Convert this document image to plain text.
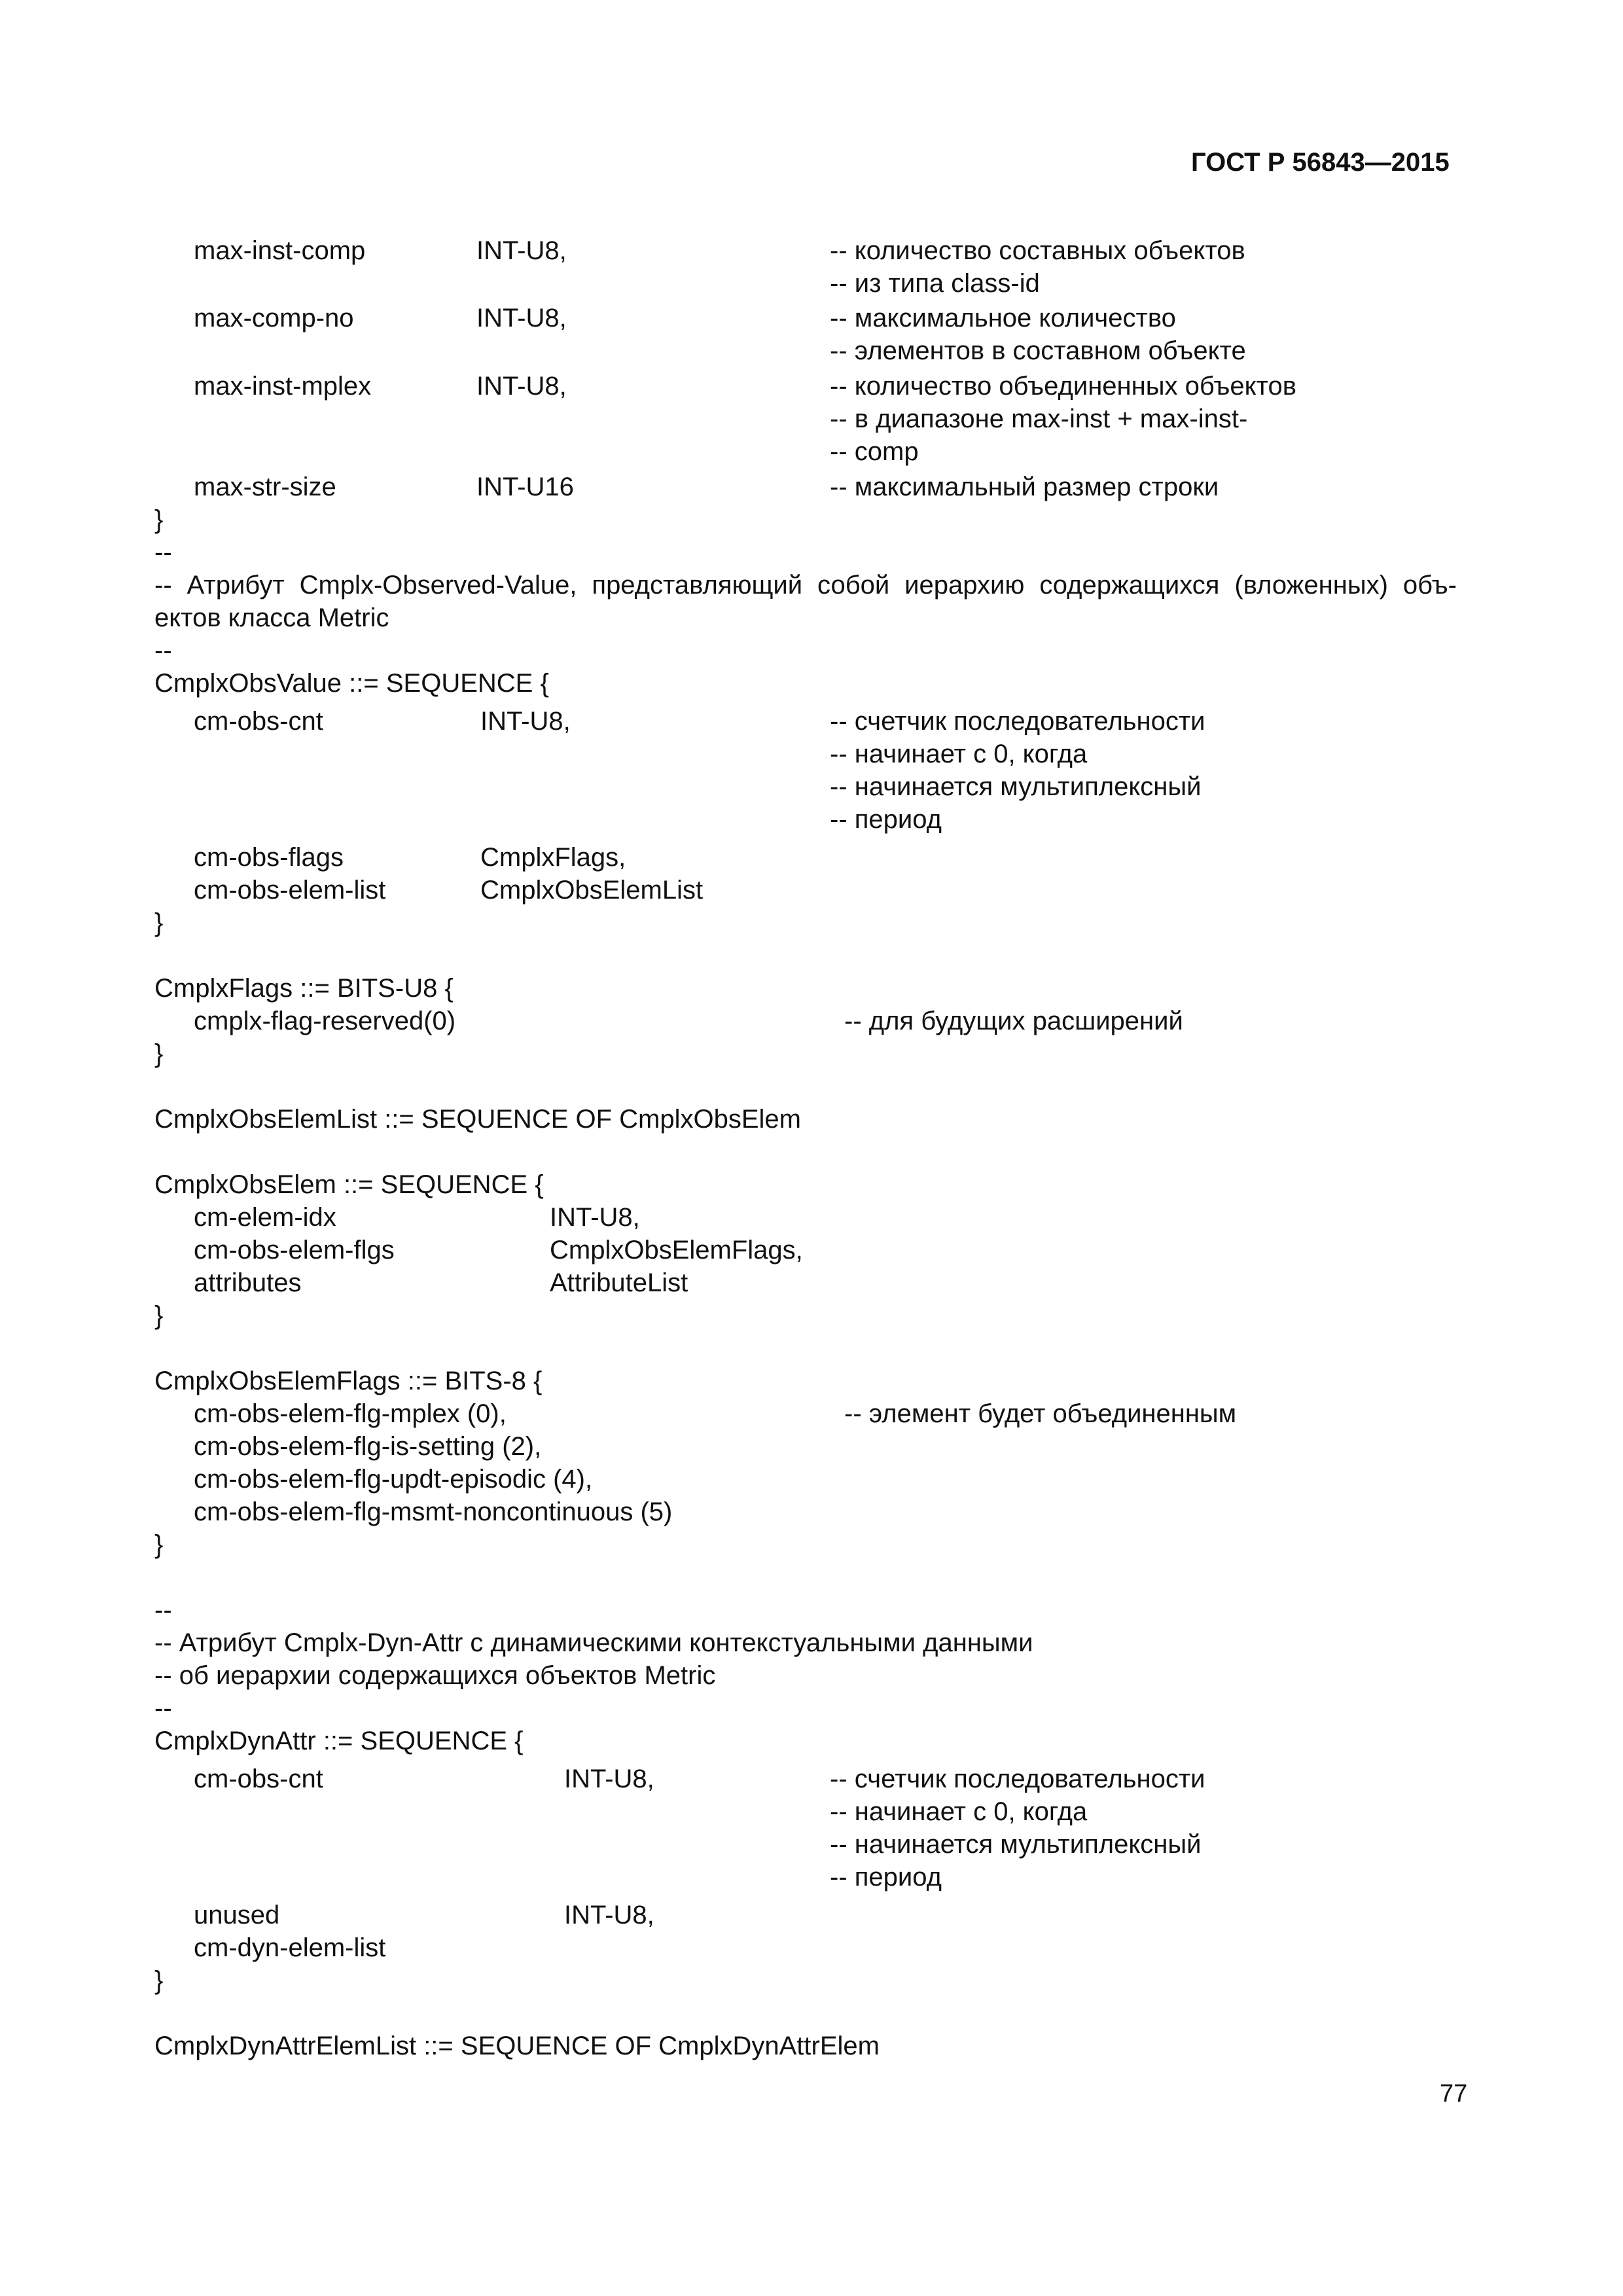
ГОСТ Р 56843—2015
max-inst-comp	INT-U8,	-- количество составных объектов
-- из типа class-id
max-comp-no	INT-U8,	-- максимальное количество
-- элементов в составном объекте
max-inst-mplex	INT-U8,	-- количество объединенных объектов
-- в диапазоне max-inst + max-inst-
-- comp
max-str-size	INT-U16	-- максимальный размер строки
}
--
-- Атрибут Cmplx-Observed-Value, представляющий собой иерархию содержащихся (вложенных) объ-
ектов класса Metric
--
CmplxObsValue ::= SEQUENCE {
cm-obs-cnt	INT-U8,	-- счетчик последовательности
-- начинает с 0, когда
-- начинается мультиплексный
-- период
cm-obs-flags	CmplxFlags,
cm-obs-elem-list	CmplxObsElemList
}
CmplxFlags ::= BITS-U8 {
cmplx-flag-reserved(0)	-- для будущих расширений
}
CmplxObsElemList ::= SEQUENCE OF CmplxObsElem
CmplxObsElem ::= SEQUENCE {
cm-elem-idx	INT-U8,
cm-obs-elem-flgs	CmplxObsElemFlags,
attributes	AttributeList
}
CmplxObsElemFlags ::= BITS-8 {
cm-obs-elem-flg-mplex (0),	-- элемент будет объединенным
cm-obs-elem-flg-is-setting (2),
cm-obs-elem-flg-updt-episodic (4),
cm-obs-elem-flg-msmt-noncontinuous (5)
}
--
-- Атрибут Cmplx-Dyn-Attr с динамическими контекстуальными данными
-- об иерархии содержащихся объектов Metric
--
CmplxDynAttr ::= SEQUENCE {
cm-obs-cnt	INT-U8,	-- счетчик последовательности
-- начинает с 0, когда
-- начинается мультиплексный
-- период
unused	INT-U8,
cm-dyn-elem-list
}
CmplxDynAttrElemList ::= SEQUENCE OF CmplxDynAttrElem
77
